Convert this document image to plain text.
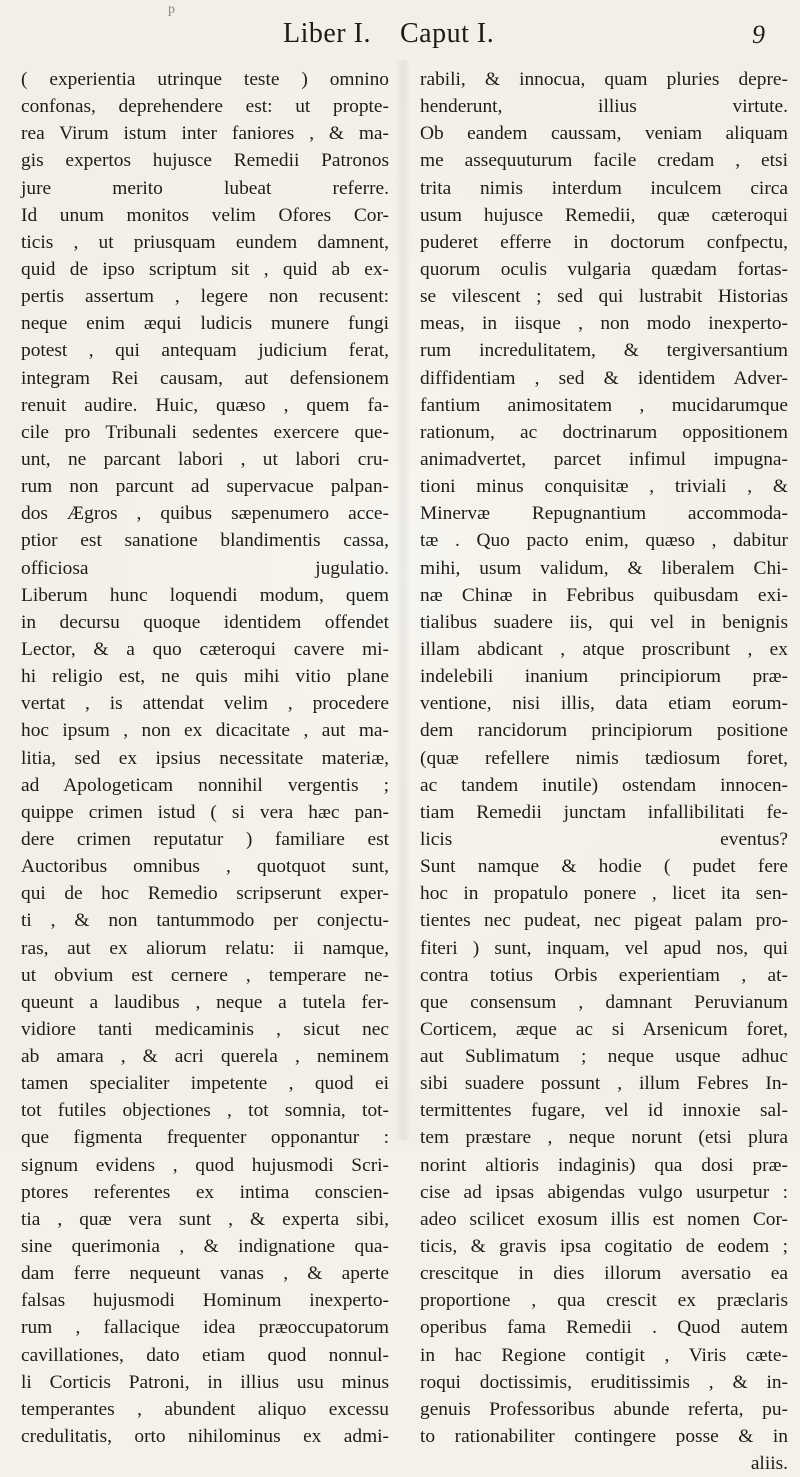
p
Liber I. Caput I.	9
( experientia utrinque teste ) omnino
confonas, deprehendere est: ut propte-
rea Virum istum inter faniores , & ma-
gis expertos hujusce Remedii Patronos
jure merito lubeat referre.
Id unum monitos velim Ofores Cor-
ticis , ut priusquam eundem damnent,
quid de ipso scriptum sit , quid ab ex-
pertis assertum , legere non recusent:
neque enim æqui ludicis munere fungi
potest , qui antequam judicium ferat,
integram Rei causam, aut defensionem
renuit audire. Huic, quæso , quem fa-
cile pro Tribunali sedentes exercere que-
unt, ne parcant labori , ut labori cru-
rum non parcunt ad supervacue palpan-
dos Ægros , quibus sæpenumero acce-
ptior est sanatione blandimentis cassa,
officiosa jugulatio.
Liberum hunc loquendi modum, quem
in decursu quoque identidem offendet
Lector, & a quo cæteroqui cavere mi-
hi religio est, ne quis mihi vitio plane
vertat , is attendat velim , procedere
hoc ipsum , non ex dicacitate , aut ma-
litia, sed ex ipsius necessitate materiæ,
ad Apologeticam nonnihil vergentis ;
quippe crimen istud ( si vera hæc pan-
dere crimen reputatur ) familiare est
Auctoribus omnibus , quotquot sunt,
qui de hoc Remedio scripserunt exper-
ti , & non tantummodo per conjectu-
ras, aut ex aliorum relatu: ii namque,
ut obvium est cernere , temperare ne-
queunt a laudibus , neque a tutela fer-
vidiore tanti medicaminis , sicut nec
ab amara , & acri querela , neminem
tamen specialiter impetente , quod ei
tot futiles objectiones , tot somnia, tot-
que figmenta frequenter opponantur :
signum evidens , quod hujusmodi Scri-
ptores referentes ex intima conscien-
tia , quæ vera sunt , & experta sibi,
sine querimonia , & indignatione qua-
dam ferre nequeunt vanas , & aperte
falsas hujusmodi Hominum inexperto-
rum , fallacique idea præoccupatorum
cavillationes, dato etiam quod nonnul-
li Corticis Patroni, in illius usu minus
temperantes , abundent aliquo excessu
credulitatis, orto nihilominus ex admi-
rabili, & innocua, quam pluries depre-
henderunt, illius virtute.
Ob eandem caussam, veniam aliquam
me assequuturum facile credam , etsi
trita nimis interdum inculcem circa
usum hujusce Remedii, quæ cæteroqui
puderet efferre in doctorum confpectu,
quorum oculis vulgaria quædam fortas-
se vilescent ; sed qui lustrabit Historias
meas, in iisque , non modo inexperto-
rum incredulitatem, & tergiversantium
diffidentiam , sed & identidem Adver-
fantium animositatem , mucidarumque
rationum, ac doctrinarum oppositionem
animadvertet, parcet infimul impugna-
tioni minus conquisitæ , triviali , &
Minervæ Repugnantium accommoda-
tæ . Quo pacto enim, quæso , dabitur
mihi, usum validum, & liberalem Chi-
næ Chinæ in Febribus quibusdam exi-
tialibus suadere iis, qui vel in benignis
illam abdicant , atque proscribunt , ex
indelebili inanium principiorum præ-
ventione, nisi illis, data etiam eorum-
dem rancidorum principiorum positione
(quæ refellere nimis tædiosum foret,
ac tandem inutile) ostendam innocen-
tiam Remedii junctam infallibilitati fe-
licis eventus?
Sunt namque & hodie ( pudet fere
hoc in propatulo ponere , licet ita sen-
tientes nec pudeat, nec pigeat palam pro-
fiteri ) sunt, inquam, vel apud nos, qui
contra totius Orbis experientiam , at-
que consensum , damnant Peruvianum
Corticem, æque ac si Arsenicum foret,
aut Sublimatum ; neque usque adhuc
sibi suadere possunt , illum Febres In-
termittentes fugare, vel id innoxie sal-
tem præstare , neque norunt (etsi plura
norint altioris indaginis) qua dosi præ-
cise ad ipsas abigendas vulgo usurpetur :
adeo scilicet exosum illis est nomen Cor-
ticis, & gravis ipsa cogitatio de eodem ;
crescitque in dies illorum aversatio ea
proportione , qua crescit ex præclaris
operibus fama Remedii . Quod autem
in hac Regione contigit , Viris cæte-
roqui doctissimis, eruditissimis , & in-
genuis Professoribus abunde referta, pu-
to rationabiliter contingere posse & in
aliis.
